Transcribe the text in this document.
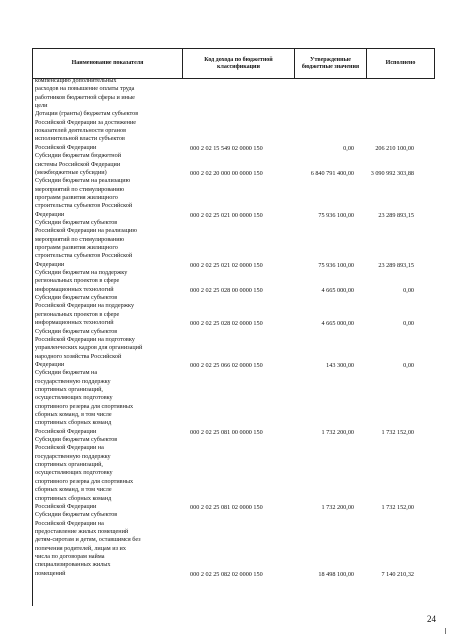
Наименование показателя	Код дохода по бюджетной классификации	Утвержденные бюджетные значения	Исполнено
компенсацию дополнительных
расходов на повышение оплаты труда
работников бюджетной сферы и иные
цели
Дотации (гранты) бюджетам субъектов
Российской Федерации за достижение
показателей деятельности органов
исполнительной власти субъектов
Российской Федерации	000 2 02 15 549 02 0000 150	0,00	206 210 100,00
Субсидии бюджетам бюджетной
системы Российской Федерации
(межбюджетные субсидии)	000 2 02 20 000 00 0000 150	6 840 791 400,00	3 090 992 303,88
Субсидии бюджетам на реализацию
мероприятий по стимулированию
программ развития жилищного
строительства субъектов Российской
Федерации	000 2 02 25 021 00 0000 150	75 936 100,00	23 289 893,15
Субсидии бюджетам субъектов
Российской Федерации на реализацию
мероприятий по стимулированию
программ развития жилищного
строительства субъектов Российской
Федерации	000 2 02 25 021 02 0000 150	75 936 100,00	23 289 893,15
Субсидии бюджетам на поддержку
региональных проектов в сфере
информационных технологий	000 2 02 25 028 00 0000 150	4 665 000,00	0,00
Субсидии бюджетам субъектов
Российской Федерации на поддержку
региональных проектов в сфере
информационных технологий	000 2 02 25 028 02 0000 150	4 665 000,00	0,00
Субсидии бюджетам субъектов
Российской Федерации на подготовку
управленческих кадров для организаций
народного хозяйства Российской
Федерации	000 2 02 25 066 02 0000 150	143 300,00	0,00
Субсидии бюджетам на
государственную поддержку
спортивных организаций,
осуществляющих подготовку
спортивного резерва для спортивных
сборных команд, в том числе
спортивных сборных команд
Российской Федерации	000 2 02 25 081 00 0000 150	1 732 200,00	1 732 152,00
Субсидии бюджетам субъектов
Российской Федерации на
государственную поддержку
спортивных организаций,
осуществляющих подготовку
спортивного резерва для спортивных
сборных команд, в том числе
спортивных сборных команд
Российской Федерации	000 2 02 25 081 02 0000 150	1 732 200,00	1 732 152,00
Субсидии бюджетам субъектов
Российской Федерации на
предоставление жилых помещений
детям-сиротам и детям, оставшимся без
попечения родителей, лицам из их
числа по договорам найма
специализированных жилых
помещений	000 2 02 25 082 02 0000 150	18 498 100,00	7 140 210,32
24
